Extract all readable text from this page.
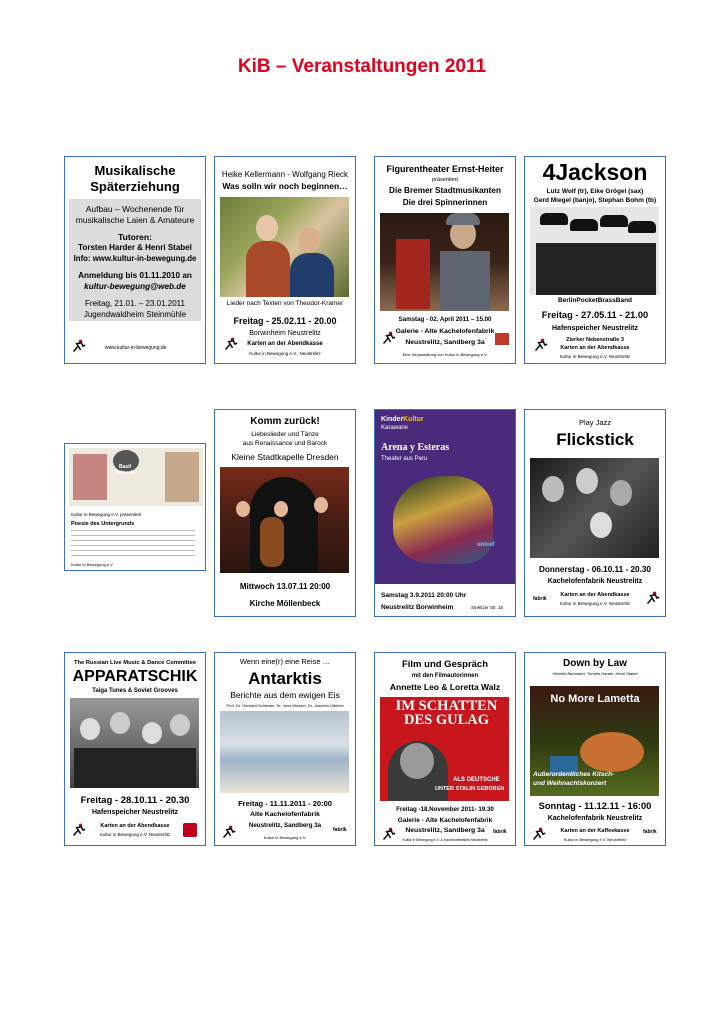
KiB – Veranstaltungen 2011
Musikalische
Späterziehung
Aufbau – Wochenende für
musikalische Laien & Amateure
Tutoren:
Torsten Harder & Henri Stabel
Info: www.kultur-in-bewegung.de
Anmeldung bis 01.11.2010 an
kultur-bewegung@web.de
Freitag, 21.01. – 23.01.2011
Jugendwaldheim Steinmühle
www.kultur-in-bewegung.de
Heike Kellermann - Wolfgang Rieck
Was solln wir noch beginnen…
Lieder nach Texten von Theodor-Kramer
Freitag - 25.02.11 - 20.00
Borwinheim Neustrelitz
Karten an der Abendkasse
Kultur in Bewegung e.V., Neustrelitz
Figurentheater Ernst-Heiter
präsentiert
Die Bremer Stadtmusikanten
Die drei Spinnerinnen
Samstag - 02. April 2011 – 15.00
Galerie - Alte Kachelofenfabrik
Neustrelitz, Sandberg 3a
Eine Veranstaltung von Kultur in Bewegung e.V.
4Jackson
Lutz Wolf (tr), Eike Grögel (sax)
Gerd Miegel (banjo), Stephan Bohm (tb)
BerlinPocketBrassBand
Freitag - 27.05.11 - 21.00
Hafenspeicher Neustrelitz
Zierker Nebenstraße 3
Karten an der Abendkasse
Kultur in Bewegung e.V. Neustrelitz
Bastl
Schwab
Kultur in Bewegung e.V. präsentiert
Poesie des Untergrunds
Kultur in Bewegung e.V.
Komm zurück!
Liebeslieder und Tänze
aus Renaissance und Barock
Kleine Stadtkapelle Dresden
Mittwoch 13.07.11 20:00
Kirche Möllenbeck
Kinder Kultur
Karawane
Arena y Esteras
Theater aus Peru
unicef
Samstag 3.9.2011 20:00 Uhr
Neustrelitz Borwinheim	Strelitzer Str. 15
Play Jazz
Flickstick
Donnerstag - 06.10.11 - 20.30
Kachelofenfabrik Neustrelitz
Karten an der Abendkasse
Kultur in Bewegung e.V. Neustrelitz
fabrik
The Russian Live Music & Dance Committee
APPARATSCHIK
Taiga Tunes & Soviet Grooves
Freitag - 28.10.11 - 20.30
Hafenspeicher Neustrelitz
Karten an der Abendkasse
Kultur in Bewegung e.V. Neustrelitz
Wenn eine(r) eine Reise …
Antarktis
Berichte aus dem ewigen Eis
Prof. Dr. Gerhard Schlesier, Dr. Jens Wickert, Dr. Joachim Ulbricht
Freitag - 11.11.2011 - 20:00
Alte Kachelofenfabrik
Neustrelitz, Sandberg 3a
Kultur in Bewegung e.V.
fabrik
Film und Gespräch
mit den Filmautorinnen
Annette Leo & Loretta Walz
IM SCHATTEN
DES GULAG
ALS DEUTSCHE
UNTER STALIN GEBOREN
Freitag -18.November 2011- 19.30
Galerie - Alte Kachelofenfabrik
Neustrelitz, Sandberg 3a
Kultur in Bewegung e.V. & Kachelofenfabrik Neustrelitz
fabrik
Down by Law
Henrike Bartmann, Torsten Harder, Henri Stabel
No More Lametta
Außerordentliches Kitsch-
und Weihnachtskonzert
Sonntag - 11.12.11 - 16:00
Kachelofenfabrik Neustrelitz
Karten an der Kaffeekasse
Kultur in Bewegung e.V. Neustrelitz
fabrik
